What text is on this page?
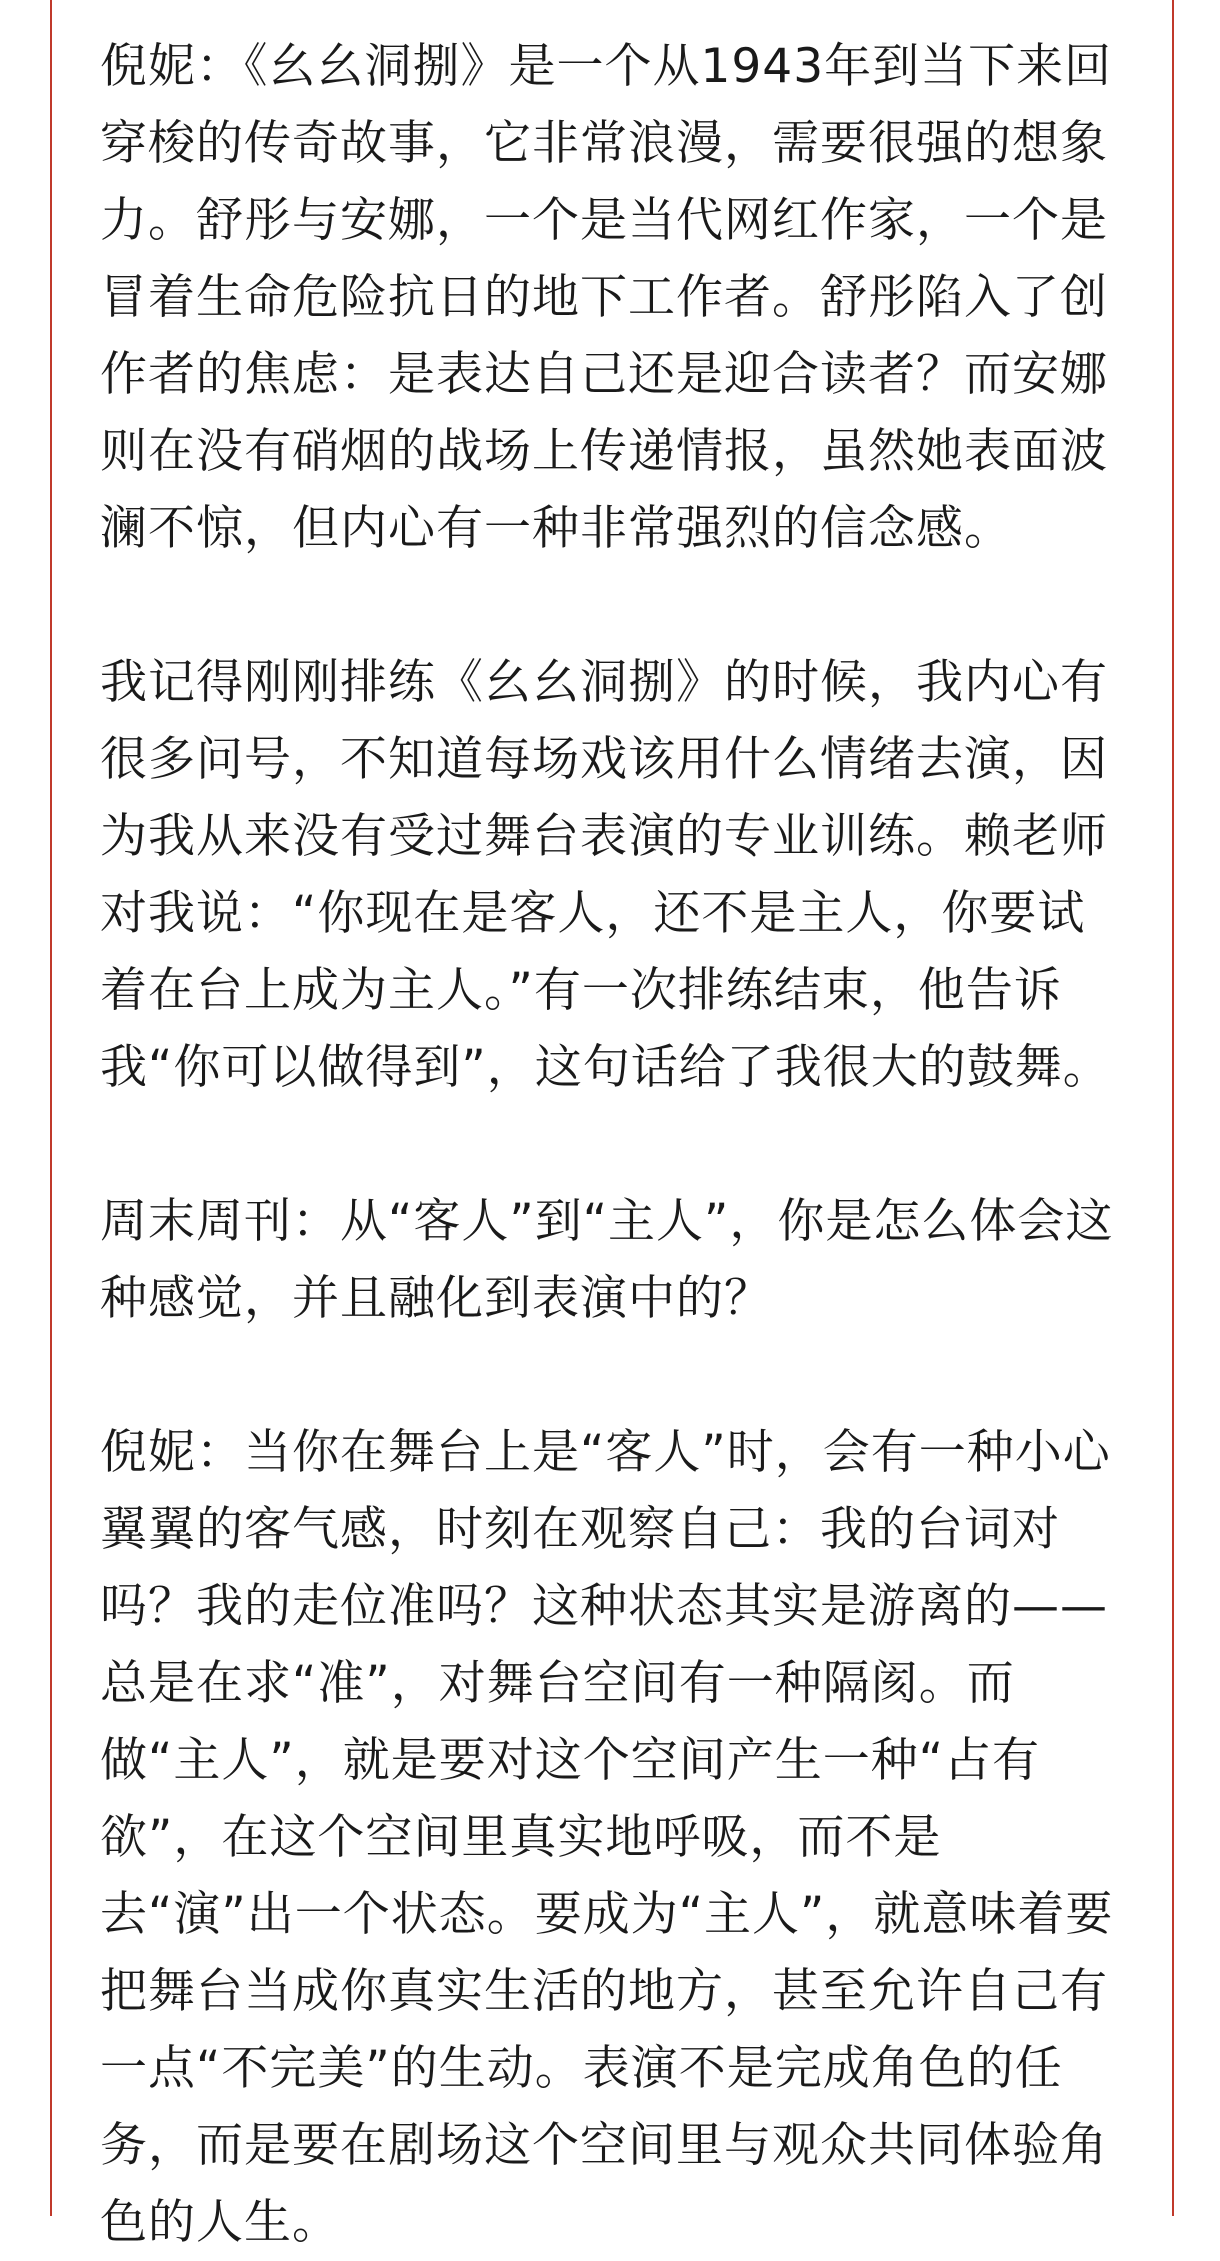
倪妮：《幺幺洞捌》是一个从1943年到当下来回穿梭的传奇故事，它非常浪漫，需要很强的想象力。舒彤与安娜，一个是当代网红作家，一个是冒着生命危险抗日的地下工作者。舒彤陷入了创作者的焦虑：是表达自己还是迎合读者？而安娜则在没有硝烟的战场上传递情报，虽然她表面波澜不惊，但内心有一种非常强烈的信念感。

我记得刚刚排练《幺幺洞捌》的时候，我内心有很多问号，不知道每场戏该用什么情绪去演，因为我从来没有受过舞台表演的专业训练。赖老师对我说：“你现在是客人，还不是主人，你要试着在台上成为主人。”有一次排练结束，他告诉我“你可以做得到”，这句话给了我很大的鼓舞。

周末周刊：从“客人”到“主人”，你是怎么体会这种感觉，并且融化到表演中的？

倪妮：当你在舞台上是“客人”时，会有一种小心翼翼的客气感，时刻在观察自己：我的台词对吗？我的走位准吗？这种状态其实是游离的——总是在求“准”，对舞台空间有一种隔阂。而做“主人”，就是要对这个空间产生一种“占有欲”，在这个空间里真实地呼吸，而不是去“演”出一个状态。要成为“主人”，就意味着要把舞台当成你真实生活的地方，甚至允许自己有一点“不完美”的生动。表演不是完成角色的任务，而是要在剧场这个空间里与观众共同体验角色的人生。
